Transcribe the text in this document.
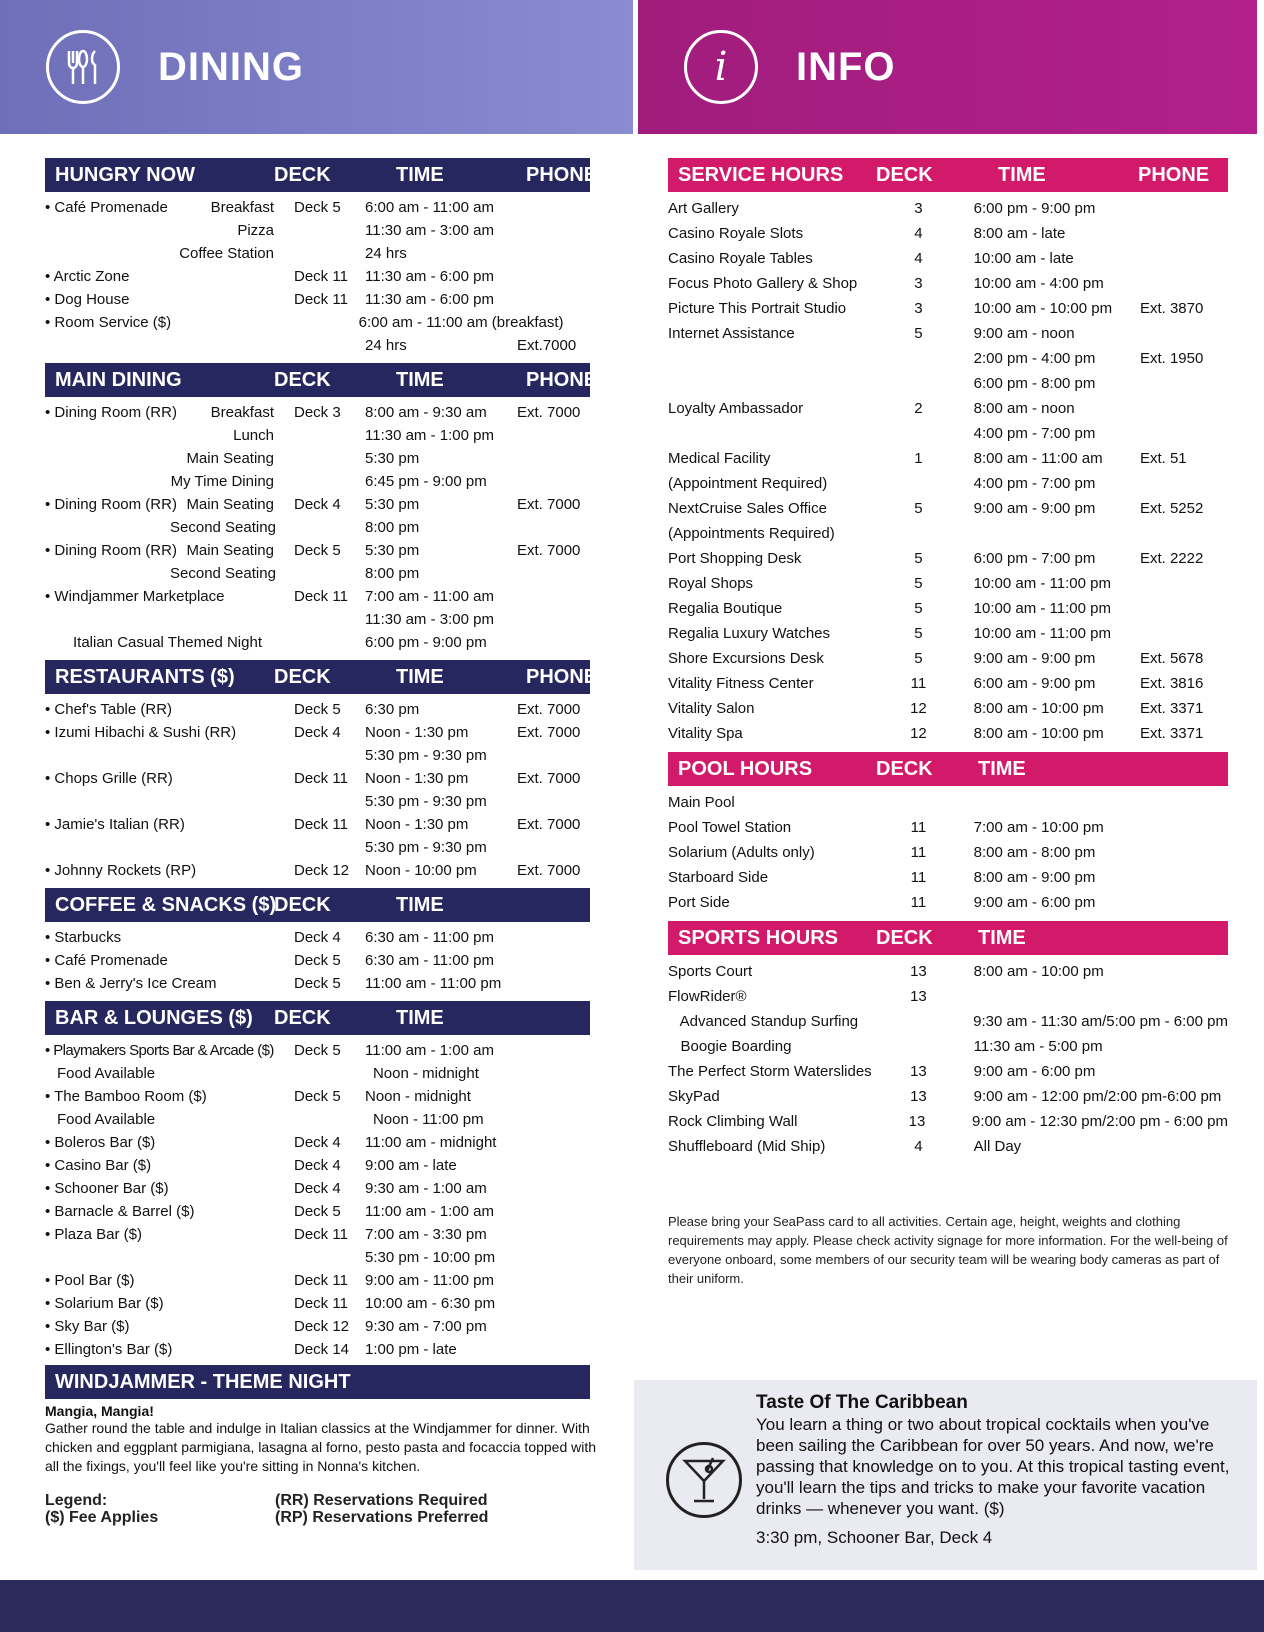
DINING	i INFO
HUNGRY NOW	DECK	TIME	PHONE
• Café Promenade	Breakfast	Deck 5	6:00 am - 11:00 am
Pizza	11:30 am - 3:00 am
Coffee Station	24 hrs
• Arctic Zone	Deck 11	11:30 am - 6:00 pm
• Dog House	Deck 11	11:30 am - 6:00 pm
• Room Service ($)	6:00 am - 11:00 am (breakfast)
24 hrs	Ext.7000
MAIN DINING	DECK	TIME	PHONE
• Dining Room (RR)	Breakfast	Deck 3	8:00 am - 9:30 am	Ext. 7000
Lunch	11:30 am - 1:00 pm
Main Seating	5:30 pm
My Time Dining	6:45 pm - 9:00 pm
• Dining Room (RR) Main Seating	Deck 4	5:30 pm	Ext. 7000
Second Seating	8:00 pm
• Dining Room (RR) Main Seating	Deck 5	5:30 pm	Ext. 7000
Second Seating	8:00 pm
• Windjammer Marketplace	Deck 11	7:00 am - 11:00 am
11:30 am - 3:00 pm
Italian Casual Themed Night	6:00 pm - 9:00 pm
RESTAURANTS ($)	DECK	TIME	PHONE
• Chef's Table (RR)	Deck 5	6:30 pm	Ext. 7000
• Izumi Hibachi & Sushi (RR)	Deck 4	Noon - 1:30 pm	Ext. 7000
5:30 pm - 9:30 pm
• Chops Grille (RR)	Deck 11	Noon - 1:30 pm	Ext. 7000
5:30 pm - 9:30 pm
• Jamie's Italian (RR)	Deck 11	Noon - 1:30 pm	Ext. 7000
5:30 pm - 9:30 pm
• Johnny Rockets (RP)	Deck 12	Noon - 10:00 pm	Ext. 7000
COFFEE & SNACKS ($)
DECK	TIME
• Starbucks	Deck 4	6:30 am - 11:00 pm
• Café Promenade	Deck 5	6:30 am - 11:00 pm
• Ben & Jerry's Ice Cream	Deck 5	11:00 am - 11:00 pm
BAR & LOUNGES ($)	DECK	TIME
• Playmakers Sports Bar & Arcade ($)	Deck 5	11:00 am - 1:00 am
Food Available	Noon - midnight
• The Bamboo Room ($)	Deck 5	Noon - midnight
Food Available	Noon - 11:00 pm
• Boleros Bar ($)	Deck 4	11:00 am - midnight
• Casino Bar ($)	Deck 4	9:00 am - late
• Schooner Bar ($)	Deck 4	9:30 am - 1:00 am
• Barnacle & Barrel ($)	Deck 5	11:00 am - 1:00 am
• Plaza Bar ($)	Deck 11	7:00 am - 3:30 pm
5:30 pm - 10:00 pm
• Pool Bar ($)	Deck 11	9:00 am - 11:00 pm
• Solarium Bar ($)	Deck 11	10:00 am - 6:30 pm
• Sky Bar ($)	Deck 12	9:30 am - 7:00 pm
• Ellington's Bar ($)	Deck 14	1:00 pm - late
WINDJAMMER - THEME NIGHT
Mangia, Mangia!
Gather round the table and indulge in Italian classics at the Windjammer for dinner. With chicken and eggplant parmigiana, lasagna al forno, pesto pasta and focaccia topped with all the fixings, you'll feel like you're sitting in Nonna's kitchen.
Legend:
($) Fee Applies
(RR) Reservations Required
(RP) Reservations Preferred
SERVICE HOURS	DECK	TIME	PHONE
Art Gallery	3	6:00 pm - 9:00 pm
Casino Royale Slots	4	8:00 am - late
Casino Royale Tables	4	10:00 am - late
Focus Photo Gallery & Shop	3	10:00 am - 4:00 pm
Picture This Portrait Studio	3	10:00 am - 10:00 pm	Ext. 3870
Internet Assistance	5	9:00 am - noon
2:00 pm - 4:00 pm	Ext. 1950
6:00 pm - 8:00 pm
Loyalty Ambassador	2	8:00 am - noon
4:00 pm - 7:00 pm
Medical Facility	1	8:00 am - 11:00 am	Ext. 51
(Appointment Required)	4:00 pm - 7:00 pm
NextCruise Sales Office	5	9:00 am - 9:00 pm	Ext. 5252
(Appointments Required)
Port Shopping Desk	5	6:00 pm - 7:00 pm	Ext. 2222
Royal Shops	5	10:00 am - 11:00 pm
Regalia Boutique	5	10:00 am - 11:00 pm
Regalia Luxury Watches	5	10:00 am - 11:00 pm
Shore Excursions Desk	5	9:00 am - 9:00 pm	Ext. 5678
Vitality Fitness Center	11	6:00 am - 9:00 pm	Ext. 3816
Vitality Salon	12	8:00 am - 10:00 pm	Ext. 3371
Vitality Spa	12	8:00 am - 10:00 pm	Ext. 3371
POOL HOURS	DECK	TIME
Main Pool
Pool Towel Station	11	7:00 am - 10:00 pm
Solarium (Adults only)	11	8:00 am - 8:00 pm
Starboard Side	11	8:00 am - 9:00 pm
Port Side	11	9:00 am - 6:00 pm
SPORTS HOURS	DECK	TIME
Sports Court	13	8:00 am - 10:00 pm
FlowRider®	13
Advanced Standup Surfing	9:30 am - 11:30 am/5:00 pm - 6:00 pm
Boogie Boarding	11:30 am - 5:00 pm
The Perfect Storm Waterslides	13	9:00 am - 6:00 pm
SkyPad	13	9:00 am - 12:00 pm/2:00 pm-6:00 pm
Rock Climbing Wall	13	9:00 am - 12:30 pm/2:00 pm - 6:00 pm
Shuffleboard (Mid Ship)	4	All Day
Please bring your SeaPass card to all activities. Certain age, height, weights and clothing requirements may apply. Please check activity signage for more information. For the well-being of everyone onboard, some members of our security team will be wearing body cameras as part of their uniform.
Taste Of The Caribbean
You learn a thing or two about tropical cocktails when you've been sailing the Caribbean for over 50 years. And now, we're passing that knowledge on to you. At this tropical tasting event, you'll learn the tips and tricks to make your favorite vacation drinks — whenever you want. ($)
3:30 pm, Schooner Bar, Deck 4
